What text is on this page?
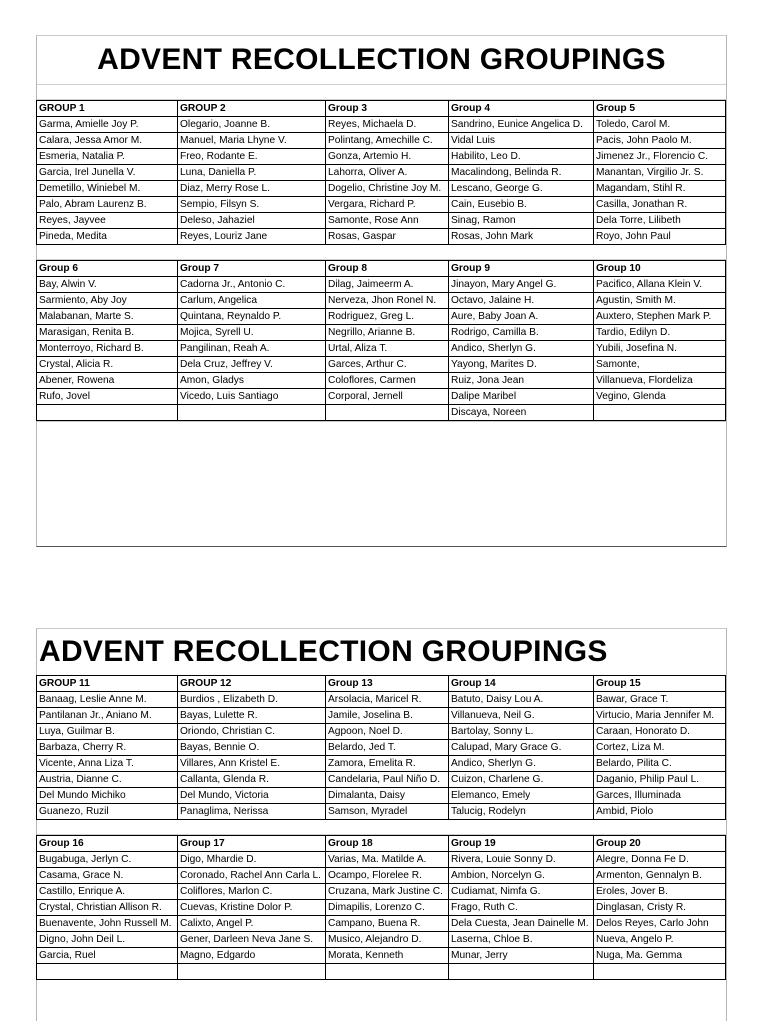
ADVENT RECOLLECTION GROUPINGS
GROUP 1	GROUP 2	Group 3	Group 4	Group 5
Garma, Amielle Joy P.	Olegario, Joanne B.	Reyes, Michaela D.	Sandrino, Eunice Angelica D.	Toledo, Carol M.
Calara, Jessa Amor M.	Manuel, Maria Lhyne V.	Polintang, Amechille C.	Vidal Luis	Pacis, John Paolo M.
Esmeria, Natalia P.	Freo, Rodante E.	Gonza, Artemio H.	Habilito, Leo D.	Jimenez Jr., Florencio C.
Garcia, Irel Junella V.	Luna, Daniella P.	Lahorra, Oliver A.	Macalindong, Belinda R.	Manantan, Virgilio Jr. S.
Demetillo, Winiebel M.	Diaz, Merry Rose L.	Dogelio, Christine Joy M.	Lescano, George G.	Magandam, Stihl R.
Palo, Abram Laurenz B.	Sempio, Filsyn S.	Vergara, Richard P.	Cain, Eusebio B.	Casilla, Jonathan R.
Reyes, Jayvee	Deleso, Jahaziel	Samonte, Rose Ann	Sinag, Ramon	Dela Torre, Lilibeth
Pineda, Medita	Reyes, Louriz Jane	Rosas, Gaspar	Rosas, John Mark	Royo, John Paul
Group 6	Group 7	Group 8	Group 9	Group 10
Bay, Alwin V.	Cadorna Jr., Antonio C.	Dilag, Jaimeerm A.	Jinayon, Mary Angel G.	Pacifico, Allana Klein V.
Sarmiento, Aby Joy	Carlum, Angelica	Nerveza, Jhon Ronel N.	Octavo, Jalaine H.	Agustin, Smith M.
Malabanan, Marte S.	Quintana, Reynaldo P.	Rodriguez, Greg L.	Aure, Baby Joan A.	Auxtero, Stephen Mark P.
Marasigan, Renita B.	Mojica, Syrell U.	Negrillo, Arianne B.	Rodrigo, Camilla B.	Tardio, Edilyn D.
Monterroyo, Richard B.	Pangilinan, Reah A.	Urtal, Aliza T.	Andico, Sherlyn G.	Yubili, Josefina N.
Crystal, Alicia R.	Dela Cruz, Jeffrey V.	Garces, Arthur C.	Yayong, Marites D.	Samonte,
Abener, Rowena	Amon, Gladys	Coloflores, Carmen	Ruiz, Jona Jean	Villanueva, Flordeliza
Rufo, Jovel	Vicedo, Luis Santiago	Corporal, Jernell	Dalipe Maribel	Vegino, Glenda
			Discaya, Noreen	
ADVENT RECOLLECTION GROUPINGS
GROUP 11	GROUP 12	Group 13	Group 14	Group 15
Banaag, Leslie Anne M.	Burdios , Elizabeth D.	Arsolacia, Maricel R.	Batuto, Daisy Lou A.	Bawar, Grace T.
Pantilanan Jr., Aniano M.	Bayas, Lulette R.	Jamile, Joselina B.	Villanueva, Neil G.	Virtucio, Maria Jennifer M.
Luya, Guilmar B.	Oriondo, Christian C.	Agpoon, Noel D.	Bartolay, Sonny L.	Caraan, Honorato D.
Barbaza, Cherry R.	Bayas, Bennie O.	Belardo, Jed T.	Calupad, Mary Grace G.	Cortez, Liza M.
Vicente, Anna Liza T.	Villares, Ann Kristel E.	Zamora, Emelita R.	Andico, Sherlyn G.	Belardo, Pilita C.
Austria, Dianne C.	Callanta, Glenda R.	Candelaria, Paul Niño D.	Cuizon, Charlene G.	Daganio, Philip Paul L.
Del Mundo Michiko	Del Mundo, Victoria	Dimalanta, Daisy	Elemanco, Emely	Garces, Illuminada
Guanezo, Ruzil	Panaglima, Nerissa	Samson, Myradel	Talucig, Rodelyn	Ambid, Piolo
Group 16	Group 17	Group 18	Group 19	Group 20
Bugabuga, Jerlyn C.	Digo, Mhardie D.	Varias, Ma. Matilde A.	Rivera, Louie Sonny D.	Alegre, Donna Fe D.
Casama, Grace N.	Coronado, Rachel Ann Carla L.	Ocampo, Florelee R.	Ambion, Norcelyn G.	Armenton, Gennalyn B.
Castillo, Enrique A.	Coliflores, Marlon C.	Cruzana, Mark Justine C.	Cudiamat, Nimfa G.	Eroles, Jover B.
Crystal, Christian Allison R.	Cuevas, Kristine Dolor P.	Dimapilis, Lorenzo C.	Frago, Ruth C.	Dinglasan, Cristy R.
Buenavente, John Russell M.	Calixto, Angel P.	Campano, Buena R.	Dela Cuesta, Jean Dainelle M.	Delos Reyes, Carlo John
Digno, John Deil L.	Gener, Darleen Neva Jane S.	Musico, Alejandro D.	Laserna, Chloe B.	Nueva, Angelo P.
Garcia, Ruel	Magno, Edgardo	Morata, Kenneth	Munar, Jerry	Nuga, Ma. Gemma
